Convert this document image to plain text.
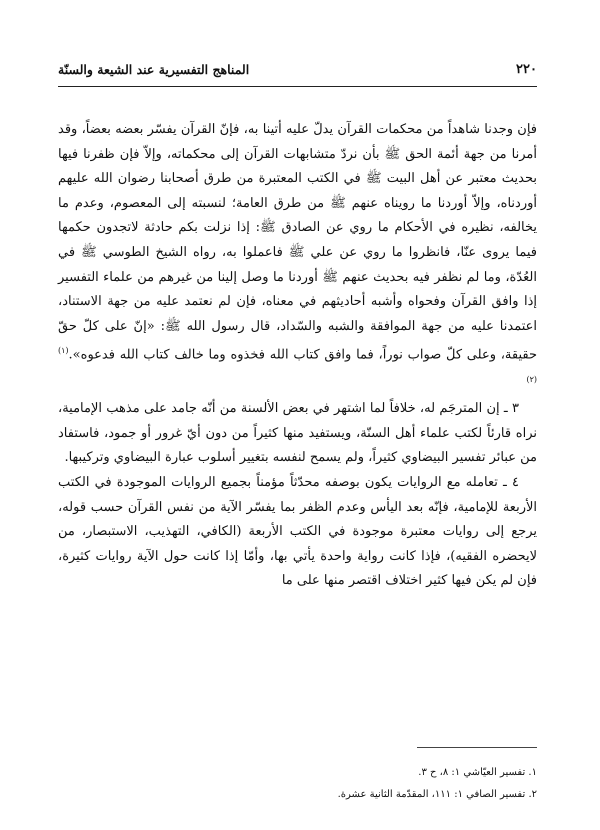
٢٢٠
المناهج التفسيرية عند الشيعة والسنّة

فإن وجدنا شاهداً من محكمات القرآن يدلّ عليه أتينا به، فإنّ القرآن يفسّر بعضه بعضاً، وقد أمرنا من جهة أئمة الحق ﷺ بأن نردّ متشابهات القرآن إلى محكماته، وإلاّ فإن ظفرنا فيها بحديث معتبر عن أهل البيت ﷺ في الكتب المعتبرة من طرق أصحابنا رضوان الله عليهم أوردناه، وإلاّ أوردنا ما رويناه عنهم ﷺ من طرق العامة؛ لنسبته إلى المعصوم، وعدم ما يخالفه، نظيره في الأحكام ما روي عن الصادق ﷺ: إذا نزلت بكم حادثة لاتجدون حكمها فيما يروى عنّا، فانظروا ما روي عن علي ﷺ فاعملوا به، رواه الشيخ الطوسي ﷺ في العُدّة، وما لم نظفر فيه بحديث عنهم ﷺ أوردنا ما وصل إلينا من غيرهم من علماء التفسير إذا وافق القرآن وفحواه وأشبه أحاديثهم في معناه، فإن لم نعتمد عليه من جهة الاستناد، اعتمدنا عليه من جهة الموافقة والشبه والسّداد، قال رسول الله ﷺ: «إنّ على كلّ حقّ حقيقة، وعلى كلّ صواب نوراً، فما وافق كتاب الله فخذوه وما خالف كتاب الله فدعوه».$^{(١)(٢)}$

٣ ـ إن المترجَم له، خلافاً لما اشتهر في بعض الألسنة من أنّه جامد على مذهب الإمامية، نراه قارئاً لكتب علماء أهل السنّة، ويستفيد منها كثيراً من دون أيّ غرور أو جمود، فاستفاد من عبائر تفسير البيضاوي كثيراً، ولم يسمح لنفسه بتغيير أسلوب عبارة البيضاوي وتركيبها.

٤ ـ تعامله مع الروايات يكون بوصفه محدّثاً مؤمناً بجميع الروايات الموجودة في الكتب الأربعة للإمامية، فإنّه بعد اليأس وعدم الظفر بما يفسّر الآية من نفس القرآن حسب قوله، يرجع إلى روايات معتبرة موجودة في الكتب الأربعة (الكافي، التهذيب، الاستبصار، من لايحضره الفقيه)، فإذا كانت رواية واحدة يأتي بها، وأمّا إذا كانت حول الآية روايات كثيرة، فإن لم يكن فيها كثير اختلاف اقتصر منها على ما

١. تفسير العيّاشي ١: ٨، ح ٣.
٢. تفسير الصافي ١: ١١١، المقدّمة الثانية عشرة.
